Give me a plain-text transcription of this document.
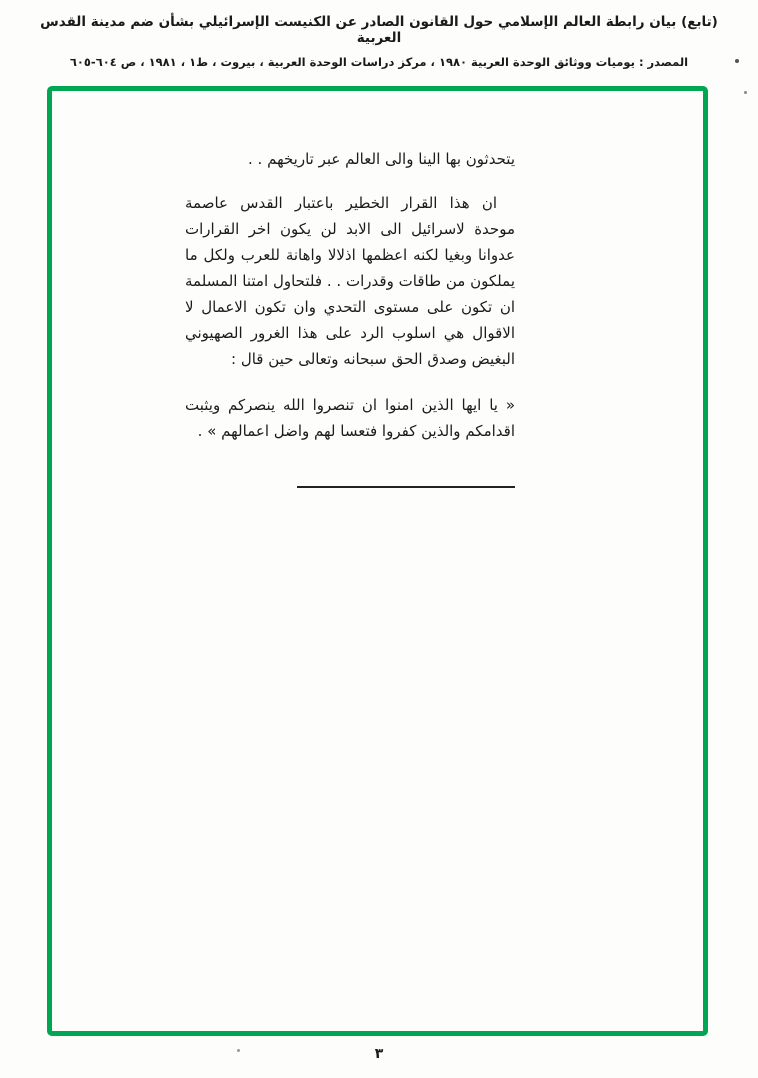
(تابع) بيان رابطة العالم الإسلامي حول القانون الصادر عن الكنيست الإسرائيلي بشأن ضم مدينة القدس العربية
المصدر : يوميات ووثائق الوحدة العربية ١٩٨٠ ، مركز دراسات الوحدة العربية ، بيروت ، ط١ ، ١٩٨١ ، ص ٦٠٤-٦٠٥

يتحدثون بها الينا والى العالم عبر تاريخهم . .

ان هذا القرار الخطير باعتبار القدس عاصمة موحدة لاسرائيل الى الابد لن يكون اخر القرارات عدوانا وبغيا لكنه اعظمها اذلالا واهانة للعرب ولكل ما يملكون من طاقات وقدرات . . فلتحاول امتنا المسلمة ان تكون على مستوى التحدي وان تكون الاعمال لا الاقوال هي اسلوب الرد على هذا الغرور الصهيوني البغيض وصدق الحق سبحانه وتعالى حين قال :

« يا ايها الذين امنوا ان تنصروا الله ينصركم ويثبت اقدامكم والذين كفروا فتعسا لهم واضل اعمالهم » .

٣
